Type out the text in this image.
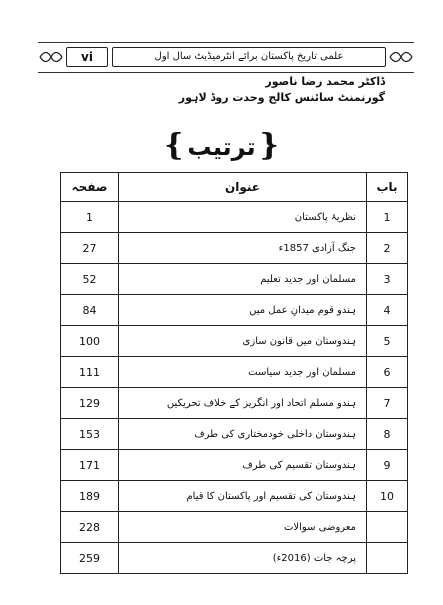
vi	علمی تاریخ پاکستان برائے انٹرمیڈیٹ سال اول
ڈاکٹر محمد رضا ناصور
گورنمنٹ سائنس کالج وحدت روڈ لاہور
{ ترتیب }
صفحہ	عنوان	باب
1	نظریۂ پاکستان	1
27	جنگ آزادی 1857ء	2
52	مسلمان اور جدید تعلیم	3
84	ہندو قوم میدانِ عمل میں	4
100	ہندوستان میں قانون سازی	5
111	مسلمان اور جدید سیاست	6
129	ہندو مسلم اتحاد اور انگریز کے خلاف تحریکیں	7
153	ہندوستان داخلی خودمختاری کی طرف	8
171	ہندوستان تقسیم کی طرف	9
189	ہندوستان کی تقسیم اور پاکستان کا قیام	10
228	معروضی سوالات	
259	پرچہ جات (2016ء)	
